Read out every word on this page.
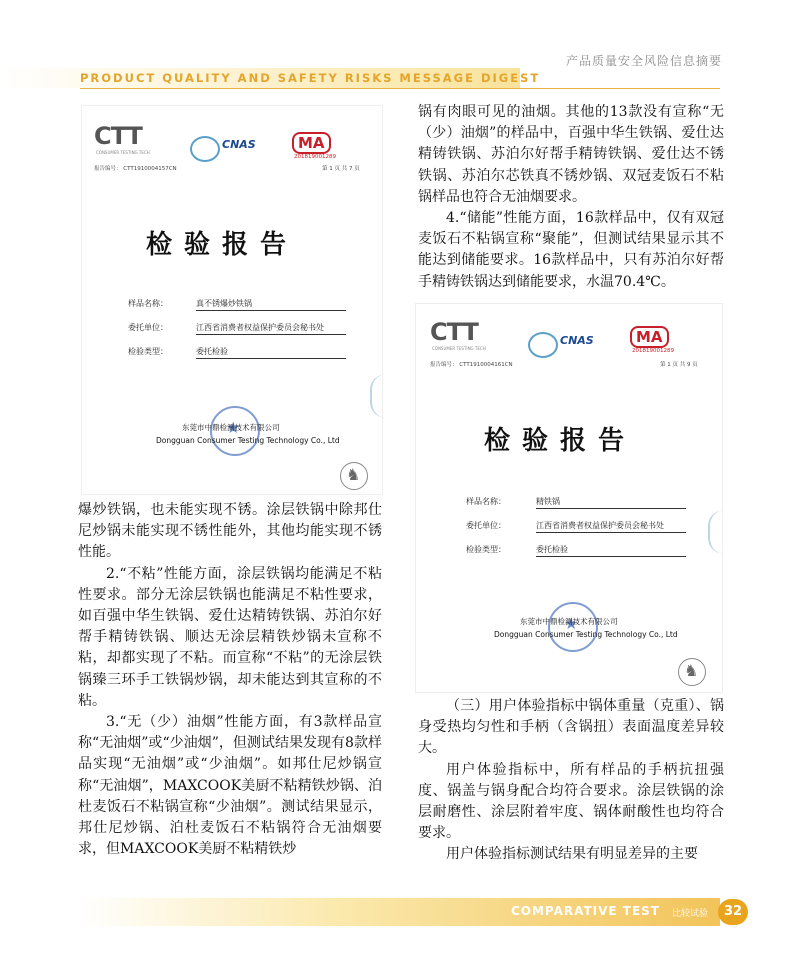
产品质量安全风险信息摘要
PRODUCT QUALITY AND SAFETY RISKS MESSAGE DIGEST
CTT
CONSUMER TESTING TECH
CNAS	MA
201819001289
报告编号： CTT1910004157CN	第 1 页 共 7 页
检验报告
样品名称：	真不锈爆炒铁锅
委托单位：	江西省消费者权益保护委员会秘书处
检验类型：	委托检验
★
东莞市中鼎检测技术有限公司
Dongguan Consumer Testing Technology Co., Ltd
♞
CTT
CONSUMER TESTING TECH
CNAS	MA
201819001289
报告编号： CTT1910004161CN	第 1 页 共 9 页
检验报告
样品名称：	精铁锅
委托单位：	江西省消费者权益保护委员会秘书处
检验类型：	委托检验
★
东莞市中鼎检测技术有限公司
Dongguan Consumer Testing Technology Co., Ltd
♞

爆炒铁锅，也未能实现不锈。涂层铁锅中除邦仕尼炒锅未能实现不锈性能外，其他均能实现不锈性能。

2.“不粘”性能方面，涂层铁锅均能满足不粘性要求。部分无涂层铁锅也能满足不粘性要求，如百强中华生铁锅、爱仕达精铸铁锅、苏泊尔好帮手精铸铁锅、顺达无涂层精铁炒锅未宣称不粘，却都实现了不粘。而宣称“不粘”的无涂层铁锅臻三环手工铁锅炒锅，却未能达到其宣称的不粘。

3.“无（少）油烟”性能方面，有3款样品宣称“无油烟”或“少油烟”，但测试结果发现有8款样品实现“无油烟”或“少油烟”。如邦仕尼炒锅宣称“无油烟”，MAXCOOK美厨不粘精铁炒锅、泊杜麦饭石不粘锅宣称“少油烟”。测试结果显示，邦仕尼炒锅、泊杜麦饭石不粘锅符合无油烟要求，但MAXCOOK美厨不粘精铁炒

锅有肉眼可见的油烟。其他的13款没有宣称“无（少）油烟”的样品中，百强中华生铁锅、爱仕达精铸铁锅、苏泊尔好帮手精铸铁锅、爱仕达不锈铁锅、苏泊尔芯铁真不锈炒锅、双冠麦饭石不粘锅样品也符合无油烟要求。

4.“储能”性能方面，16款样品中，仅有双冠麦饭石不粘锅宣称“聚能”，但测试结果显示其不能达到储能要求。16款样品中，只有苏泊尔好帮手精铸铁锅达到储能要求，水温70.4℃。

（三）用户体验指标中锅体重量（克重）、锅身受热均匀性和手柄（含锅扭）表面温度差异较大。

用户体验指标中，所有样品的手柄抗扭强度、锅盖与锅身配合均符合要求。涂层铁锅的涂层耐磨性、涂层附着牢度、锅体耐酸性也均符合要求。

用户体验指标测试结果有明显差异的主要

COMPARATIVE TEST 比较试验	32
